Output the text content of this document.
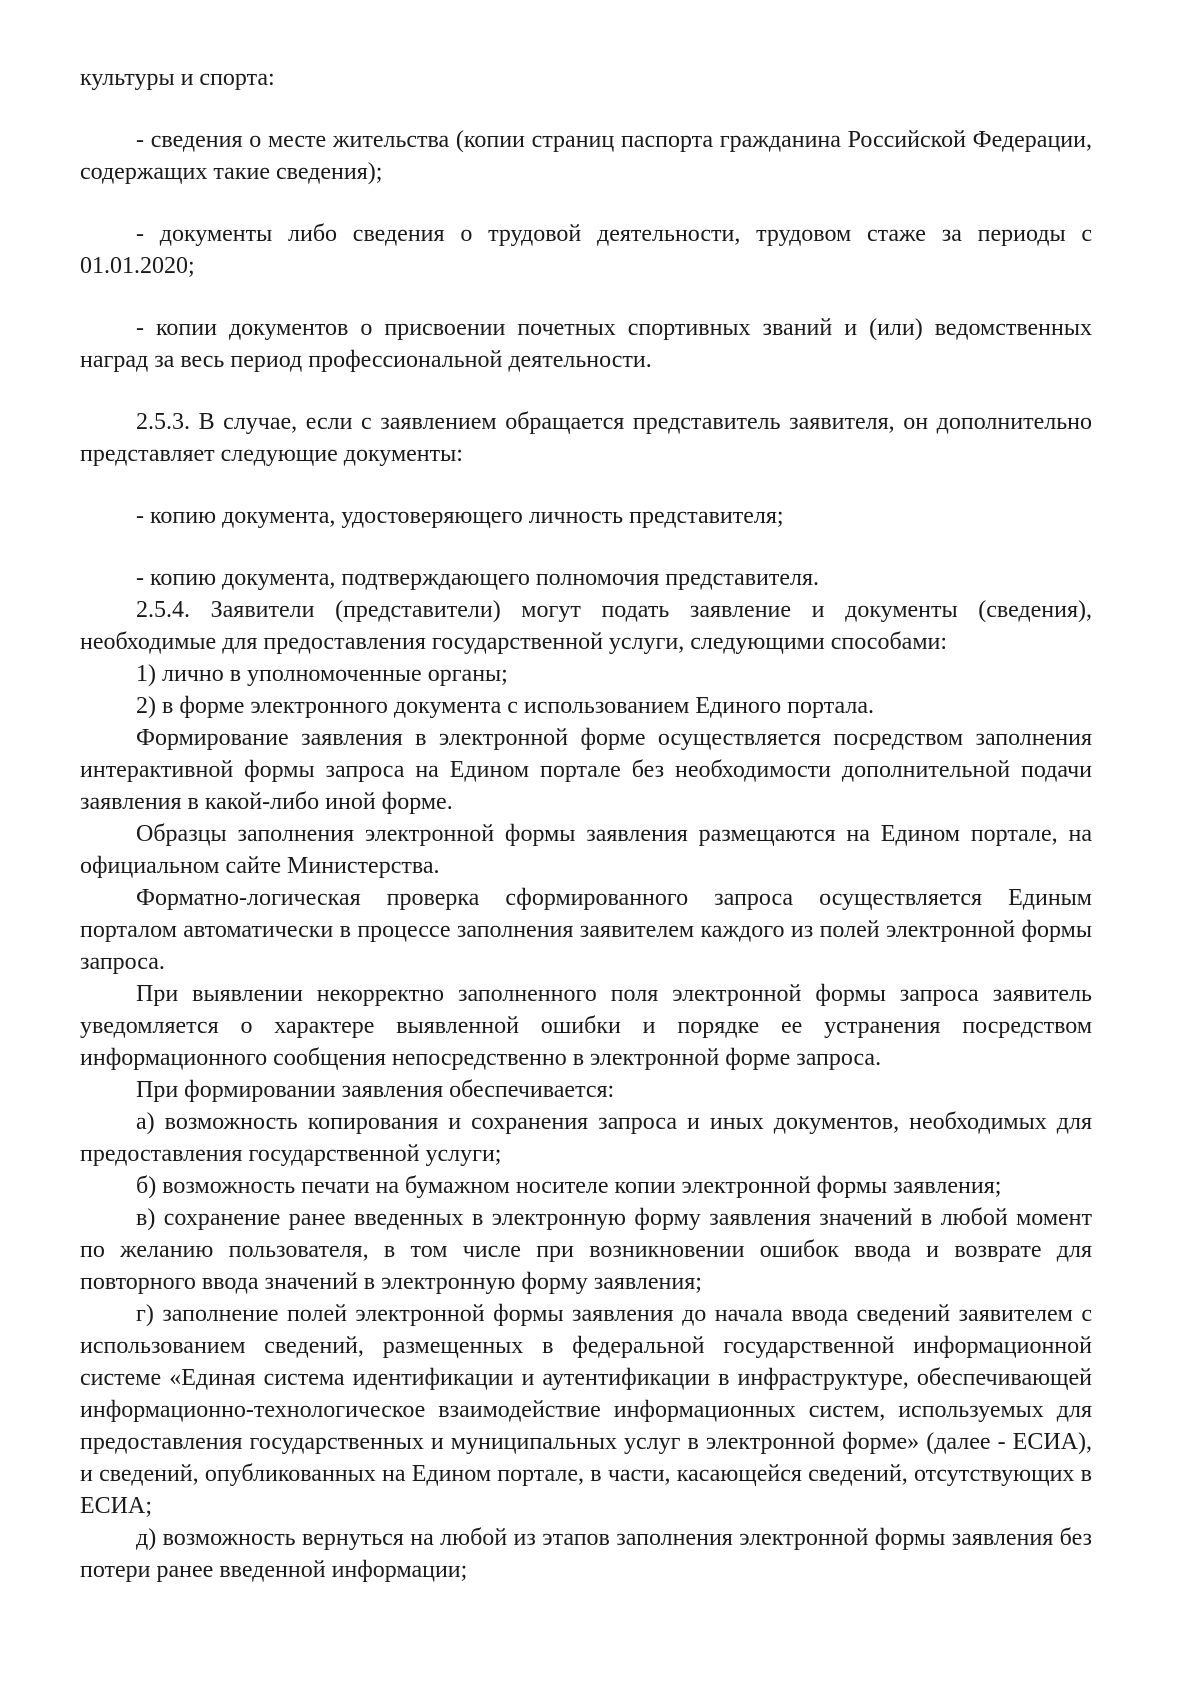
культуры и спорта:

- сведения о месте жительства (копии страниц паспорта гражданина Российской Федерации, содержащих такие сведения);

- документы либо сведения о трудовой деятельности, трудовом стаже за периоды с 01.01.2020;

- копии документов о присвоении почетных спортивных званий и (или) ведомственных наград за весь период профессиональной деятельности.

2.5.3. В случае, если с заявлением обращается представитель заявителя, он дополнительно представляет следующие документы:

- копию документа, удостоверяющего личность представителя;

- копию документа, подтверждающего полномочия представителя.

2.5.4. Заявители (представители) могут подать заявление и документы (сведения), необходимые для предоставления государственной услуги, следующими способами:

1) лично в уполномоченные органы;

2) в форме электронного документа с использованием Единого портала.

Формирование заявления в электронной форме осуществляется посредством заполнения интерактивной формы запроса на Едином портале без необходимости дополнительной подачи заявления в какой-либо иной форме.

Образцы заполнения электронной формы заявления размещаются на Едином портале, на официальном сайте Министерства.

Форматно-логическая проверка сформированного запроса осуществляется Единым порталом автоматически в процессе заполнения заявителем каждого из полей электронной формы запроса.

При выявлении некорректно заполненного поля электронной формы запроса заявитель уведомляется о характере выявленной ошибки и порядке ее устранения посредством информационного сообщения непосредственно в электронной форме запроса.

При формировании заявления обеспечивается:

а) возможность копирования и сохранения запроса и иных документов, необходимых для предоставления государственной услуги;

б) возможность печати на бумажном носителе копии электронной формы заявления;

в) сохранение ранее введенных в электронную форму заявления значений в любой момент по желанию пользователя, в том числе при возникновении ошибок ввода и возврате для повторного ввода значений в электронную форму заявления;

г) заполнение полей электронной формы заявления до начала ввода сведений заявителем с использованием сведений, размещенных в федеральной государственной информационной системе «Единая система идентификации и аутентификации в инфраструктуре, обеспечивающей информационно-технологическое взаимодействие информационных систем, используемых для предоставления государственных и муниципальных услуг в электронной форме» (далее - ЕСИА), и сведений, опубликованных на Едином портале, в части, касающейся сведений, отсутствующих в ЕСИА;

д) возможность вернуться на любой из этапов заполнения электронной формы заявления без потери ранее введенной информации;
